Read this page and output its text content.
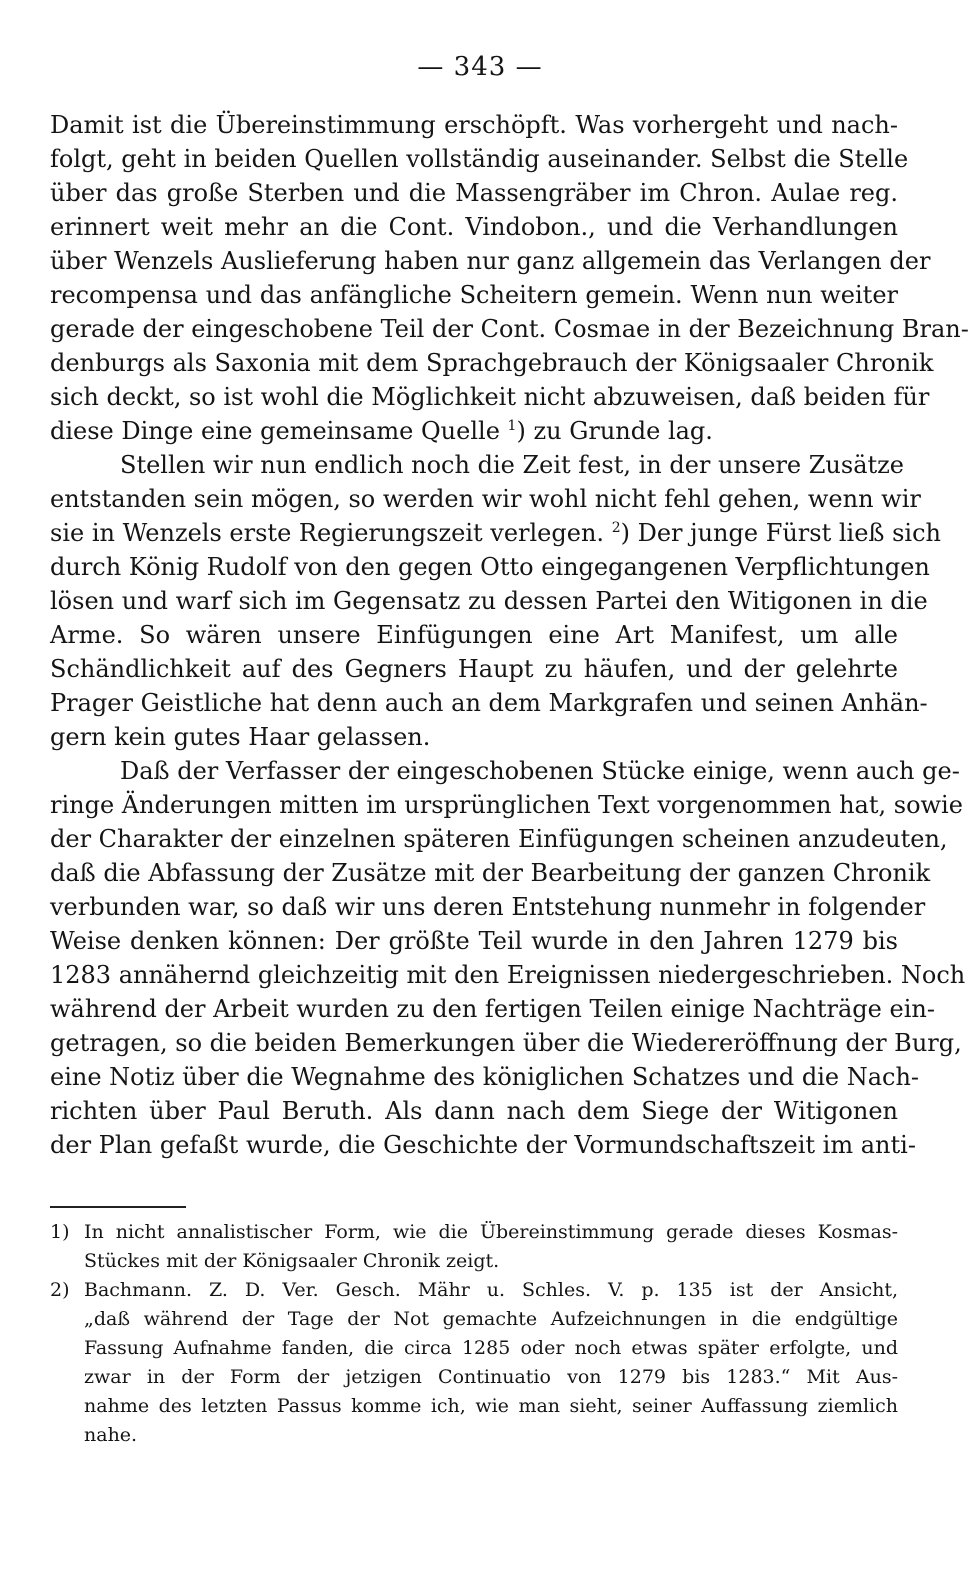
— 343 —
Damit ist die Übereinstimmung erschöpft. Was vorhergeht und nach-
folgt, geht in beiden Quellen vollständig auseinander. Selbst die Stelle
über das große Sterben und die Massengräber im Chron. Aulae reg.
erinnert weit mehr an die Cont. Vindobon., und die Verhandlungen
über Wenzels Auslieferung haben nur ganz allgemein das Verlangen der
recompensa und das anfängliche Scheitern gemein. Wenn nun weiter
gerade der eingeschobene Teil der Cont. Cosmae in der Bezeichnung Bran-
denburgs als Saxonia mit dem Sprachgebrauch der Königsaaler Chronik
sich deckt, so ist wohl die Möglichkeit nicht abzuweisen, daß beiden für
diese Dinge eine gemeinsame Quelle $^1$) zu Grunde lag.
Stellen wir nun endlich noch die Zeit fest, in der unsere Zusätze
entstanden sein mögen, so werden wir wohl nicht fehl gehen, wenn wir
sie in Wenzels erste Regierungszeit verlegen. $^2$) Der junge Fürst ließ sich
durch König Rudolf von den gegen Otto eingegangenen Verpflichtungen
lösen und warf sich im Gegensatz zu dessen Partei den Witigonen in die
Arme. So wären unsere Einfügungen eine Art Manifest, um alle
Schändlichkeit auf des Gegners Haupt zu häufen, und der gelehrte
Prager Geistliche hat denn auch an dem Markgrafen und seinen Anhän-
gern kein gutes Haar gelassen.
Daß der Verfasser der eingeschobenen Stücke einige, wenn auch ge-
ringe Änderungen mitten im ursprünglichen Text vorgenommen hat, sowie
der Charakter der einzelnen späteren Einfügungen scheinen anzudeuten,
daß die Abfassung der Zusätze mit der Bearbeitung der ganzen Chronik
verbunden war, so daß wir uns deren Entstehung nunmehr in folgender
Weise denken können: Der größte Teil wurde in den Jahren 1279 bis
1283 annähernd gleichzeitig mit den Ereignissen niedergeschrieben. Noch
während der Arbeit wurden zu den fertigen Teilen einige Nachträge ein-
getragen, so die beiden Bemerkungen über die Wiedereröffnung der Burg,
eine Notiz über die Wegnahme des königlichen Schatzes und die Nach-
richten über Paul Beruth. Als dann nach dem Siege der Witigonen
der Plan gefaßt wurde, die Geschichte der Vormundschaftszeit im anti-
1) In nicht annalistischer Form, wie die Übereinstimmung gerade dieses Kosmas-
Stückes mit der Königsaaler Chronik zeigt.
2) Bachmann. Z. D. Ver. Gesch. Mähr u. Schles. V. p. 135 ist der Ansicht,
„daß während der Tage der Not gemachte Aufzeichnungen in die endgültige
Fassung Aufnahme fanden, die circa 1285 oder noch etwas später erfolgte, und
zwar in der Form der jetzigen Continuatio von 1279 bis 1283.“ Mit Aus-
nahme des letzten Passus komme ich, wie man sieht, seiner Auffassung ziemlich
nahe.
